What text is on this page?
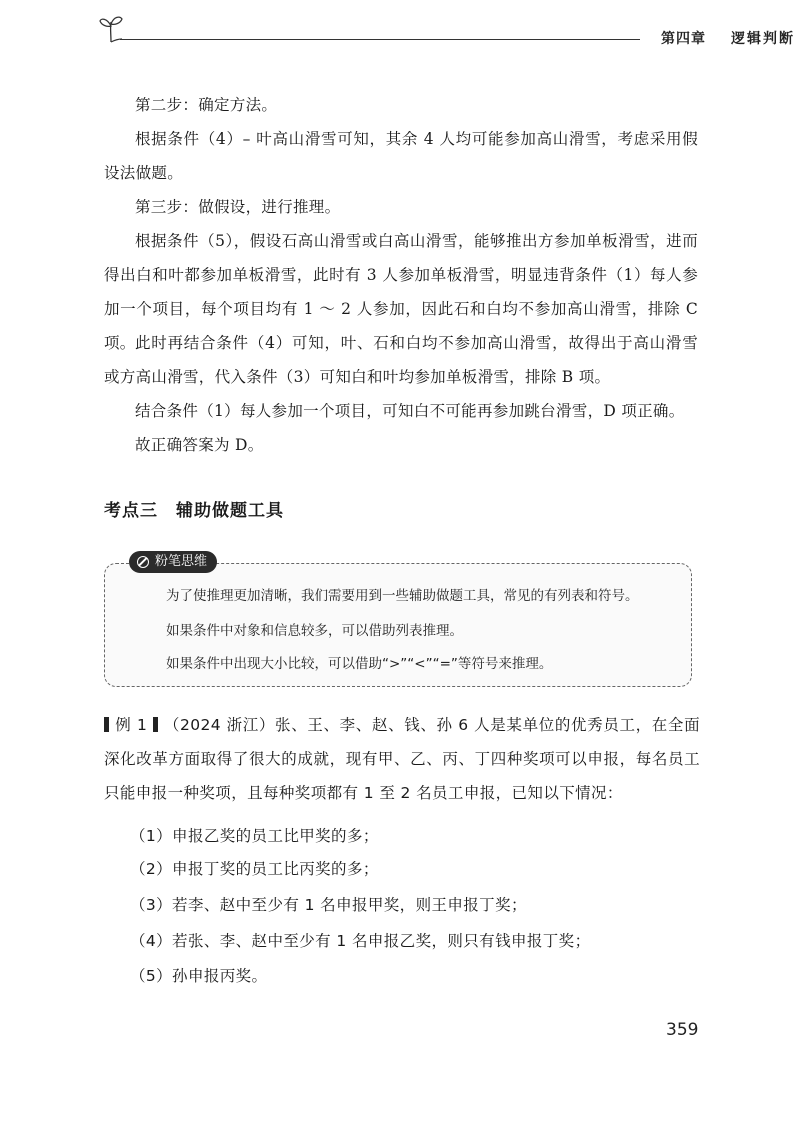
第四章 逻辑判断
第二步：确定方法。
根据条件（4）– 叶高山滑雪可知，其余 4 人均可能参加高山滑雪，考虑采用假设法做题。
第三步：做假设，进行推理。
根据条件（5），假设石高山滑雪或白高山滑雪，能够推出方参加单板滑雪，进而得出白和叶都参加单板滑雪，此时有 3 人参加单板滑雪，明显违背条件（1）每人参加一个项目，每个项目均有 1 ～ 2 人参加，因此石和白均不参加高山滑雪，排除 C 项。 此时再结合条件（4）可知，叶、石和白均不参加高山滑雪，故得出于高山滑雪或方高山滑雪，代入条件（3）可知白和叶均参加单板滑雪，排除 B 项。
结合条件（1）每人参加一个项目，可知白不可能再参加跳台滑雪，D 项正确。
故正确答案为 D。
考点三 辅助做题工具
粉笔思维
为了使推理更加清晰，我们需要用到一些辅助做题工具，常见的有列表和符号。
如果条件中对象和信息较多，可以借助列表推理。
如果条件中出现大小比较，可以借助“>”“<”“=”等符号来推理。
例 1 （2024 浙江）张、王、李、赵、钱、孙 6 人是某单位的优秀员工，在全面深化改革方面取得了很大的成就，现有甲、乙、丙、丁四种奖项可以申报，每名员工只能申报一种奖项，且每种奖项都有 1 至 2 名员工申报，已知以下情况：
（1）申报乙奖的员工比甲奖的多；
（2）申报丁奖的员工比丙奖的多；
（3）若李、赵中至少有 1 名申报甲奖，则王申报丁奖；
（4）若张、李、赵中至少有 1 名申报乙奖，则只有钱申报丁奖；
（5）孙申报丙奖。
359
